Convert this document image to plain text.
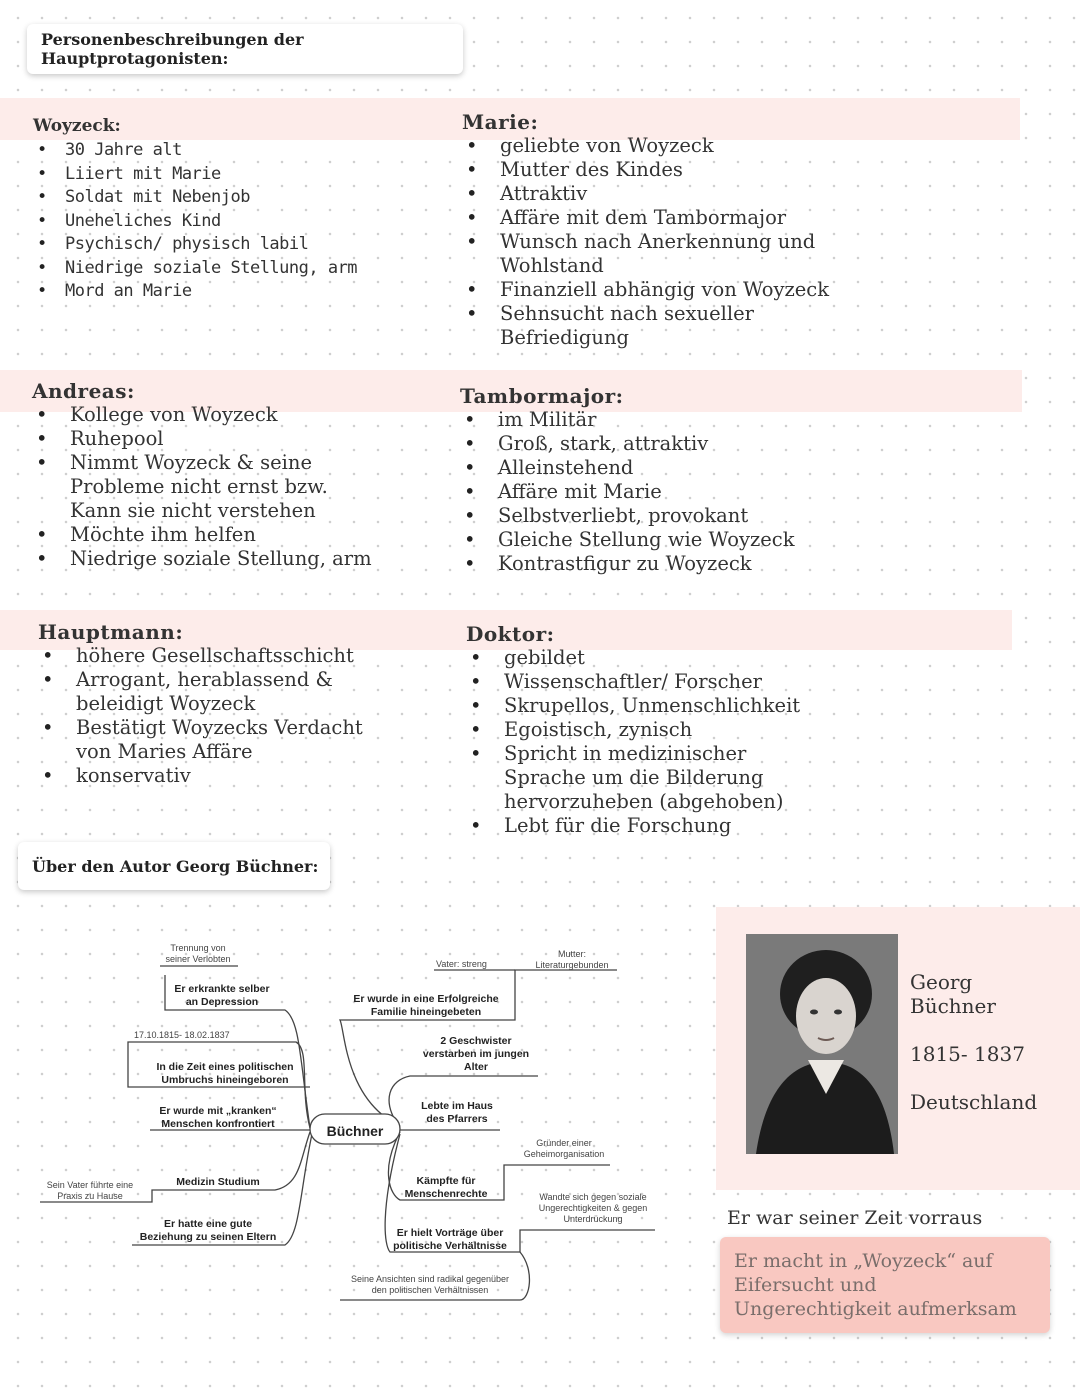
Personenbeschreibungen der Hauptprotagonisten:
Woyzeck:
• 30 Jahre alt
• Liiert mit Marie
• Soldat mit Nebenjob
• Uneheliches Kind
• Psychisch/ physisch labil
• Niedrige soziale Stellung, arm
• Mord an Marie
Marie:
• geliebte von Woyzeck
• Mutter des Kindes
• Attraktiv
• Affäre mit dem Tambormajor
• Wunsch nach Anerkennung und Wohlstand
• Finanziell abhängig von Woyzeck
• Sehnsucht nach sexueller Befriedigung
Andreas:
• Kollege von Woyzeck
• Ruhepool
• Nimmt Woyzeck & seine Probleme nicht ernst bzw. Kann sie nicht verstehen
• Möchte ihm helfen
• Niedrige soziale Stellung, arm
Tambormajor:
• im Militär
• Groß, stark, attraktiv
• Alleinstehend
• Affäre mit Marie
• Selbstverliebt, provokant
• Gleiche Stellung wie Woyzeck
• Kontrastfigur zu Woyzeck
Hauptmann:
• höhere Gesellschaftsschicht
• Arrogant, herablassend & beleidigt Woyzeck
• Bestätigt Woyzecks Verdacht von Maries Affäre
• konservativ
Doktor:
• gebildet
• Wissenschaftler/ Forscher
• Skrupellos, Unmenschlichkeit
• Egoistisch, zynisch
• Spricht in medizinischer Sprache um die Bilderung hervorzuheben (abgehoben)
• Lebt für die Forschung
Über den Autor Georg Büchner:
Büchner
Er erkrankte selber an Depression
In die Zeit eines politischen Umbruchs hineingeboren
Er wurde mit „kranken“ Menschen konfrontiert
Medizin Studium
Er hatte eine gute Beziehung zu seinen Eltern
Er wurde in eine Erfolgreiche Familie hineingebeten
2 Geschwister verstarben im jungen Alter
Lebte im Haus des Pfarrers
Kämpfte für Menschenrechte
Er hielt Vorträge über politische Verhältnisse
Trennung von seiner Verlobten
17.10.1815- 18.02.1837
Sein Vater führte eine Praxis zu Hause
Vater: streng
Mutter: Literaturgebunden
Gründer einer Geheimorganisation
Wandte sich gegen soziale Ungerechtigkeiten & gegen Unterdrückung
Seine Ansichten sind radikal gegenüber den politischen Verhältnissen
Georg
Büchner
1815- 1837
Deutschland
Er war seiner Zeit vorraus
Er macht in „Woyzeck“ auf Eifersucht und Ungerechtigkeit aufmerksam
